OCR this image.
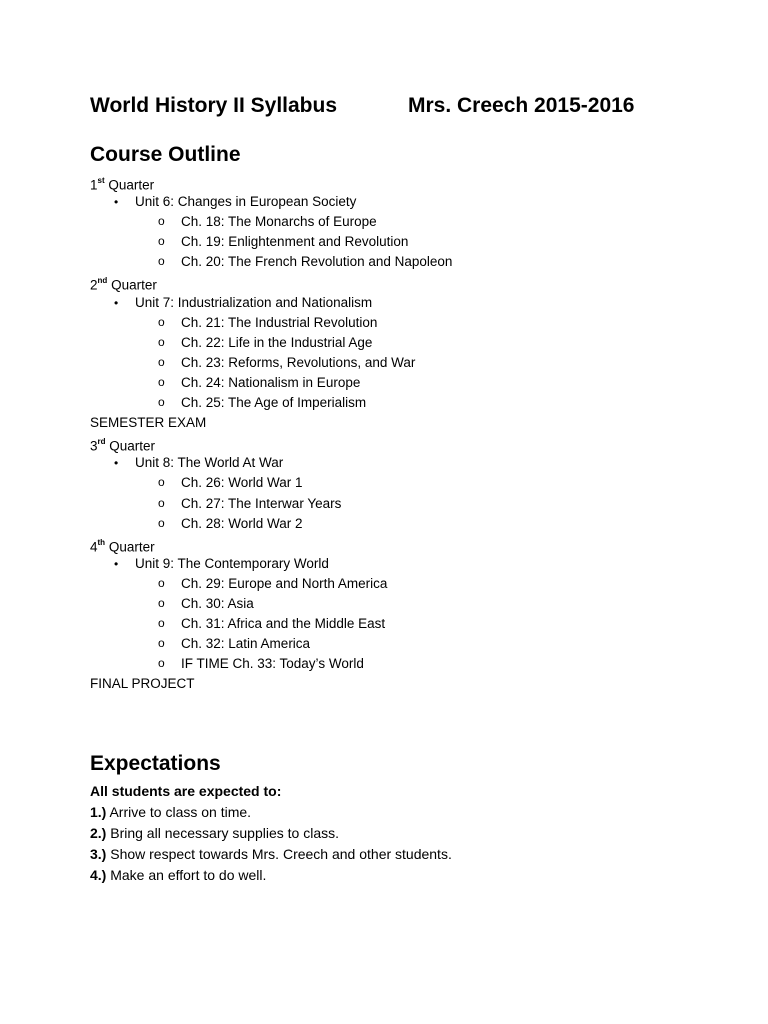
World History II Syllabus	Mrs. Creech 2015-2016
Course Outline
1st Quarter
• Unit 6: Changes in European Society
o Ch. 18: The Monarchs of Europe
o Ch. 19: Enlightenment and Revolution
o Ch. 20: The French Revolution and Napoleon
2nd Quarter
• Unit 7: Industrialization and Nationalism
o Ch. 21: The Industrial Revolution
o Ch. 22: Life in the Industrial Age
o Ch. 23: Reforms, Revolutions, and War
o Ch. 24: Nationalism in Europe
o Ch. 25: The Age of Imperialism
SEMESTER EXAM
3rd Quarter
• Unit 8: The World At War
o Ch. 26: World War 1
o Ch. 27: The Interwar Years
o Ch. 28: World War 2
4th Quarter
• Unit 9: The Contemporary World
o Ch. 29: Europe and North America
o Ch. 30: Asia
o Ch. 31: Africa and the Middle East
o Ch. 32: Latin America
o IF TIME Ch. 33: Today’s World
FINAL PROJECT
Expectations
All students are expected to:
1.) Arrive to class on time.
2.) Bring all necessary supplies to class.
3.) Show respect towards Mrs. Creech and other students.
4.) Make an effort to do well.
